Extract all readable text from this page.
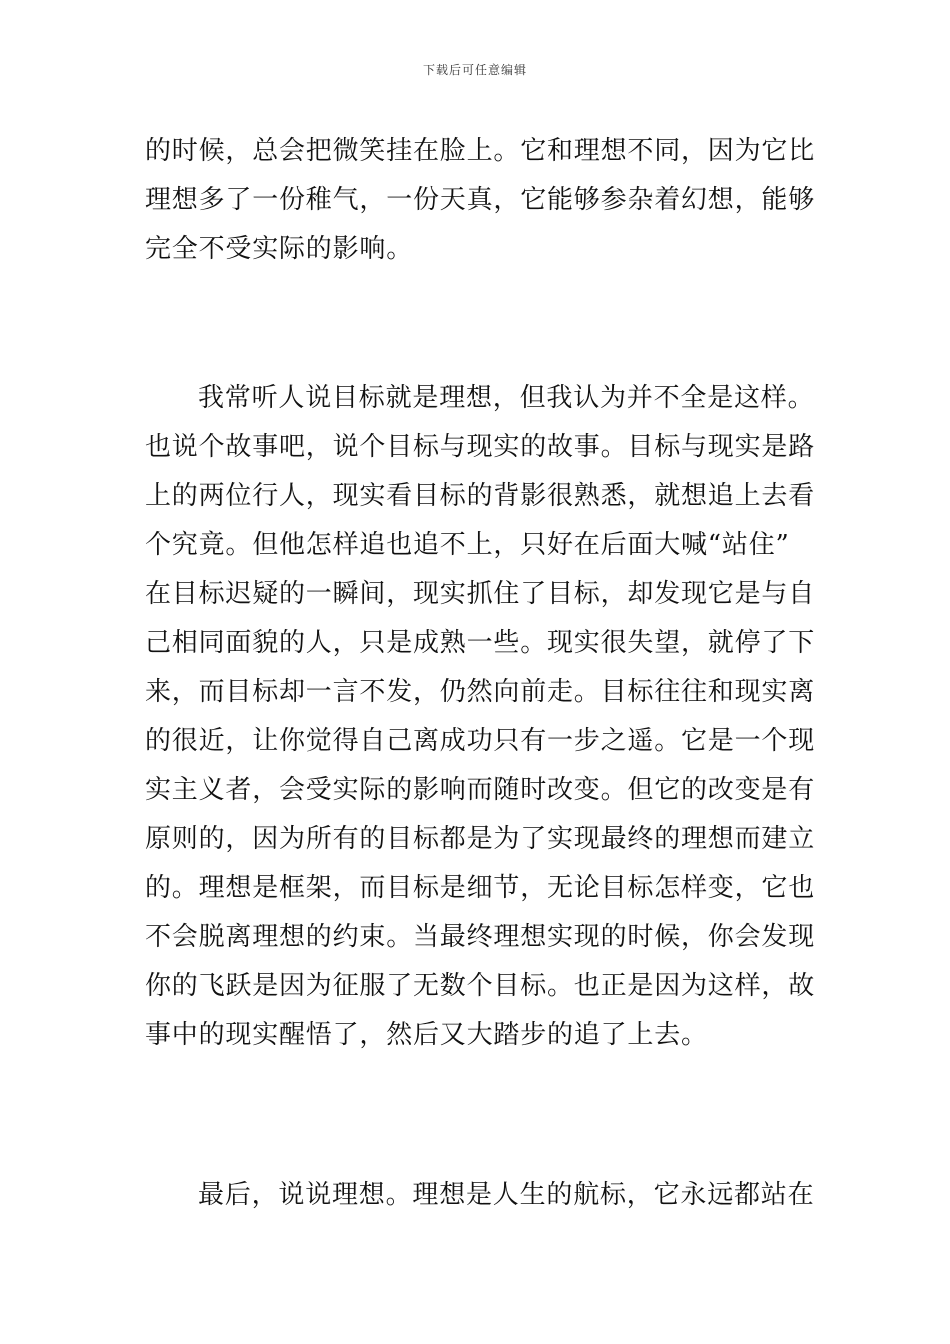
下载后可任意编辑
的时候，总会把微笑挂在脸上。它和理想不同，因为它比
理想多了一份稚气，一份天真，它能够参杂着幻想，能够
完全不受实际的影响。
我常听人说目标就是理想，但我认为并不全是这样。
也说个故事吧，说个目标与现实的故事。目标与现实是路
上的两位行人，现实看目标的背影很熟悉，就想追上去看
个究竟。但他怎样追也追不上，只好在后面大喊“站住”
在目标迟疑的一瞬间，现实抓住了目标，却发现它是与自
己相同面貌的人，只是成熟一些。现实很失望，就停了下
来，而目标却一言不发，仍然向前走。目标往往和现实离
的很近，让你觉得自己离成功只有一步之遥。它是一个现
实主义者，会受实际的影响而随时改变。但它的改变是有
原则的，因为所有的目标都是为了实现最终的理想而建立
的。理想是框架，而目标是细节，无论目标怎样变，它也
不会脱离理想的约束。当最终理想实现的时候，你会发现
你的飞跃是因为征服了无数个目标。也正是因为这样，故
事中的现实醒悟了，然后又大踏步的追了上去。
最后，说说理想。理想是人生的航标，它永远都站在
